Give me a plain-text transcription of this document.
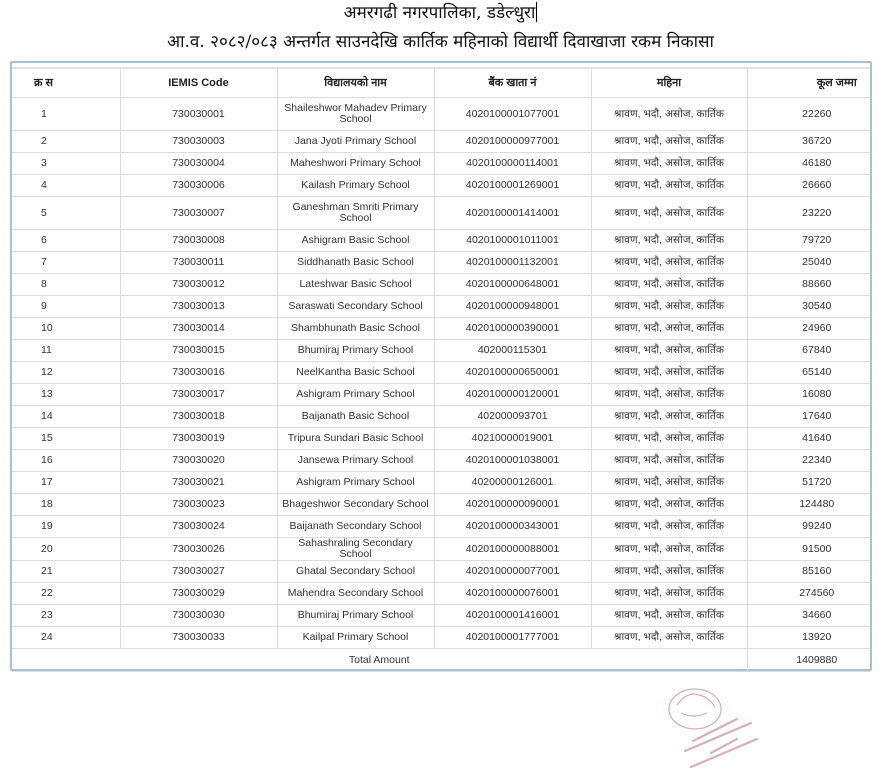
अमरगढी नगरपालिका, डडेल्धुरा
आ.व. २०८२/०८३ अन्तर्गत साउनदेखि कार्तिक महिनाको विद्यार्थी दिवाखाजा रकम निकासा
क्र स	IEMIS Code	विद्यालयको नाम	बैंक खाता नं	महिना	कूल जम्मा
1	730030001	Shaileshwor Mahadev Primary School	4020100001077001	श्रावण, भदौ, असोज, कार्तिक	22260
2	730030003	Jana Jyoti Primary School	4020100000977001	श्रावण, भदौ, असोज, कार्तिक	36720
3	730030004	Maheshwori Primary School	4020100000114001	श्रावण, भदौ, असोज, कार्तिक	46180
4	730030006	Kailash Primary School	4020100001269001	श्रावण, भदौ, असोज, कार्तिक	26660
5	730030007	Ganeshman Smriti Primary School	4020100001414001	श्रावण, भदौ, असोज, कार्तिक	23220
6	730030008	Ashigram Basic School	4020100001011001	श्रावण, भदौ, असोज, कार्तिक	79720
7	730030011	Siddhanath Basic School	4020100001132001	श्रावण, भदौ, असोज, कार्तिक	25040
8	730030012	Lateshwar Basic School	4020100000648001	श्रावण, भदौ, असोज, कार्तिक	88660
9	730030013	Saraswati Secondary School	4020100000948001	श्रावण, भदौ, असोज, कार्तिक	30540
10	730030014	Shambhunath Basic School	4020100000390001	श्रावण, भदौ, असोज, कार्तिक	24960
11	730030015	Bhumiraj Primary School	402000115301	श्रावण, भदौ, असोज, कार्तिक	67840
12	730030016	NeelKantha Basic School	4020100000650001	श्रावण, भदौ, असोज, कार्तिक	65140
13	730030017	Ashigram Primary School	4020100000120001	श्रावण, भदौ, असोज, कार्तिक	16080
14	730030018	Baijanath Basic School	402000093701	श्रावण, भदौ, असोज, कार्तिक	17640
15	730030019	Tripura Sundari Basic School	40210000019001	श्रावण, भदौ, असोज, कार्तिक	41640
16	730030020	Jansewa Primary School	4020100001038001	श्रावण, भदौ, असोज, कार्तिक	22340
17	730030021	Ashigram Primary School	40200000126001	श्रावण, भदौ, असोज, कार्तिक	51720
18	730030023	Bhageshwor Secondary School	4020100000090001	श्रावण, भदौ, असोज, कार्तिक	124480
19	730030024	Baijanath Secondary School	4020100000343001	श्रावण, भदौ, असोज, कार्तिक	99240
20	730030026	Sahashraling Secondary School	4020100000088001	श्रावण, भदौ, असोज, कार्तिक	91500
21	730030027	Ghatal Secondary School	4020100000077001	श्रावण, भदौ, असोज, कार्तिक	85160
22	730030029	Mahendra Secondary School	4020100000076001	श्रावण, भदौ, असोज, कार्तिक	274560
23	730030030	Bhumiraj Primary School	4020100001416001	श्रावण, भदौ, असोज, कार्तिक	34660
24	730030033	Kailpal Primary School	4020100001777001	श्रावण, भदौ, असोज, कार्तिक	13920
Total Amount					1409880
